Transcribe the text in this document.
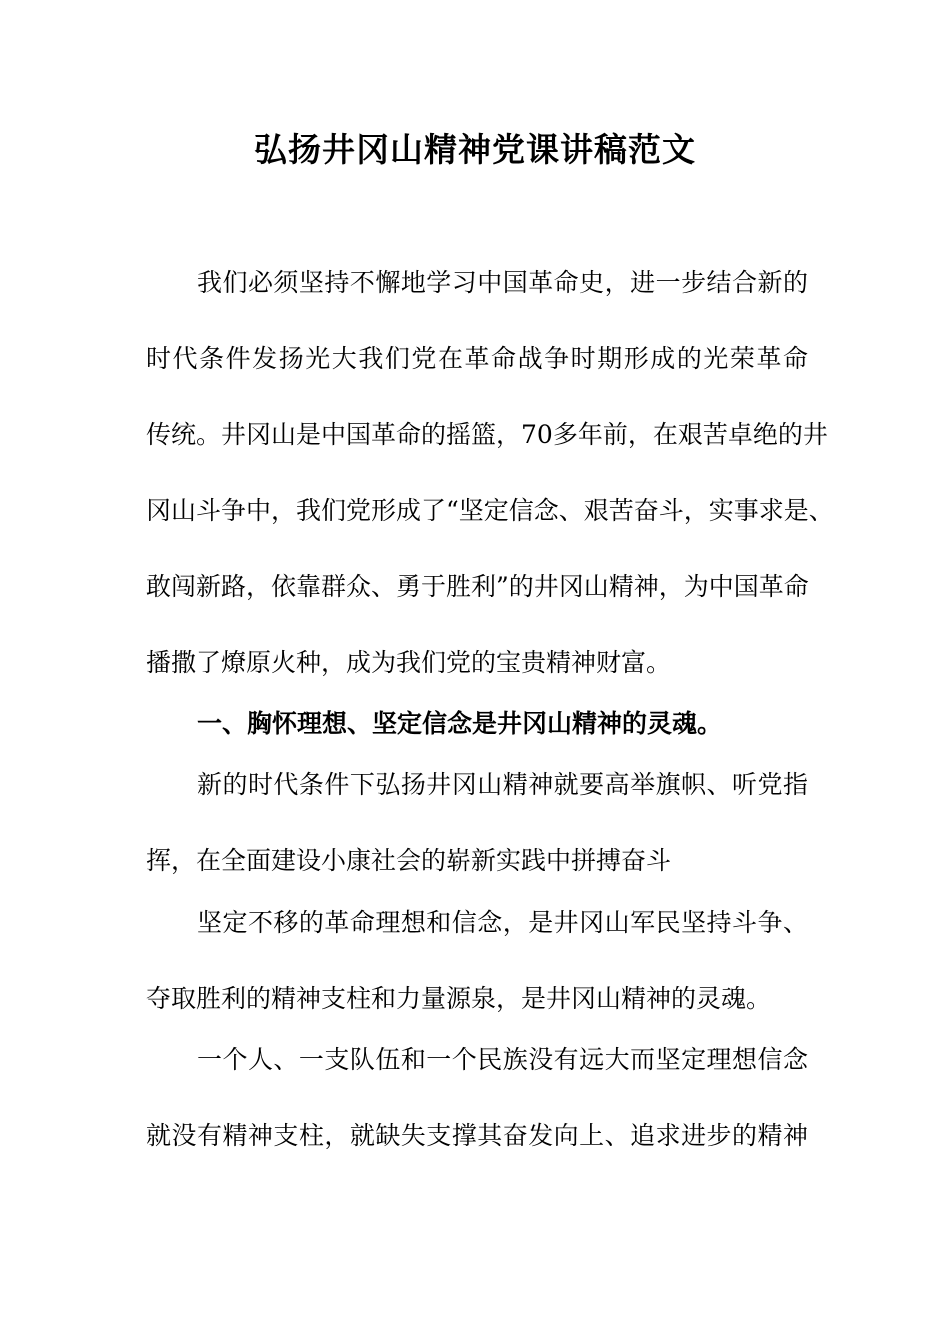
弘扬井冈山精神党课讲稿范文
我们必须坚持不懈地学习中国革命史，进一步结合新的
时代条件发扬光大我们党在革命战争时期形成的光荣革命
传统。井冈山是中国革命的摇篮，70多年前，在艰苦卓绝的井
冈山斗争中，我们党形成了“坚定信念、艰苦奋斗，实事求是、
敢闯新路，依靠群众、勇于胜利”的井冈山精神，为中国革命
播撒了燎原火种，成为我们党的宝贵精神财富。
一、胸怀理想、坚定信念是井冈山精神的灵魂。
新的时代条件下弘扬井冈山精神就要高举旗帜、听党指
挥，在全面建设小康社会的崭新实践中拼搏奋斗
坚定不移的革命理想和信念，是井冈山军民坚持斗争、
夺取胜利的精神支柱和力量源泉，是井冈山精神的灵魂。
一个人、一支队伍和一个民族没有远大而坚定理想信念
就没有精神支柱，就缺失支撑其奋发向上、追求进步的精神
